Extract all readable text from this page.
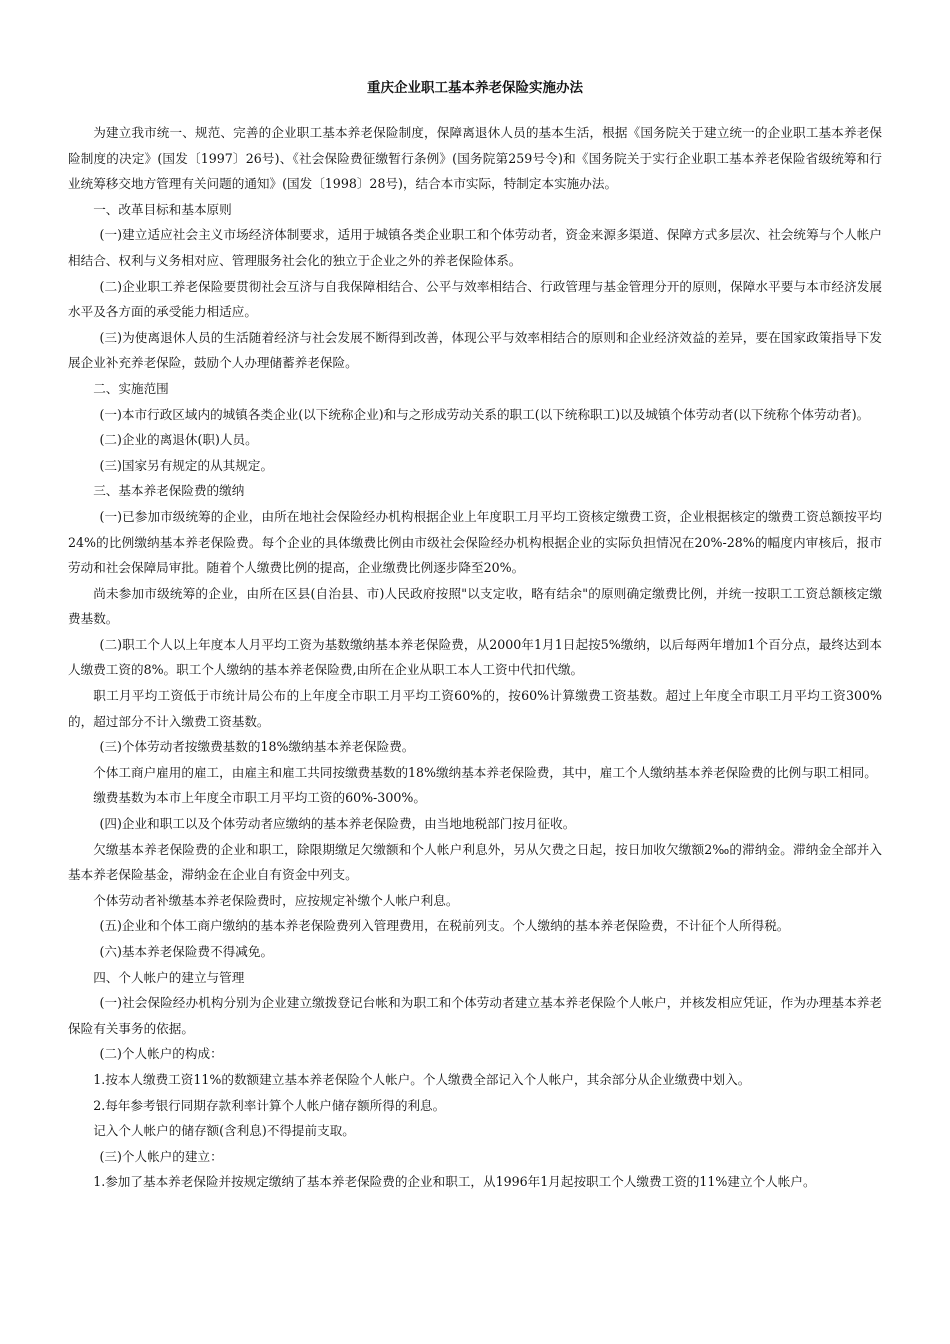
重庆企业职工基本养老保险实施办法

为建立我市统一、规范、完善的企业职工基本养老保险制度，保障离退休人员的基本生活，根据《国务院关于建立统一的企业职工基本养老保险制度的决定》(国发〔1997〕26号)、《社会保险费征缴暂行条例》(国务院第259号令)和《国务院关于实行企业职工基本养老保险省级统筹和行业统筹移交地方管理有关问题的通知》(国发〔1998〕28号)，结合本市实际，特制定本实施办法。

一、改革目标和基本原则

(一)建立适应社会主义市场经济体制要求，适用于城镇各类企业职工和个体劳动者，资金来源多渠道、保障方式多层次、社会统筹与个人帐户相结合、权利与义务相对应、管理服务社会化的独立于企业之外的养老保险体系。

(二)企业职工养老保险要贯彻社会互济与自我保障相结合、公平与效率相结合、行政管理与基金管理分开的原则，保障水平要与本市经济发展水平及各方面的承受能力相适应。

(三)为使离退休人员的生活随着经济与社会发展不断得到改善，体现公平与效率相结合的原则和企业经济效益的差异，要在国家政策指导下发展企业补充养老保险，鼓励个人办理储蓄养老保险。

二、实施范围

(一)本市行政区域内的城镇各类企业(以下统称企业)和与之形成劳动关系的职工(以下统称职工)以及城镇个体劳动者(以下统称个体劳动者)。

(二)企业的离退休(职)人员。

(三)国家另有规定的从其规定。

三、基本养老保险费的缴纳

(一)已参加市级统筹的企业，由所在地社会保险经办机构根据企业上年度职工月平均工资核定缴费工资，企业根据核定的缴费工资总额按平均24%的比例缴纳基本养老保险费。每个企业的具体缴费比例由市级社会保险经办机构根据企业的实际负担情况在20%-28%的幅度内审核后，报市劳动和社会保障局审批。随着个人缴费比例的提高，企业缴费比例逐步降至20%。

尚未参加市级统筹的企业，由所在区县(自治县、市)人民政府按照"以支定收，略有结余"的原则确定缴费比例，并统一按职工工资总额核定缴费基数。

(二)职工个人以上年度本人月平均工资为基数缴纳基本养老保险费，从2000年1月1日起按5%缴纳，以后每两年增加1个百分点，最终达到本人缴费工资的8%。职工个人缴纳的基本养老保险费,由所在企业从职工本人工资中代扣代缴。

职工月平均工资低于市统计局公布的上年度全市职工月平均工资60%的，按60%计算缴费工资基数。超过上年度全市职工月平均工资300%的，超过部分不计入缴费工资基数。

(三)个体劳动者按缴费基数的18%缴纳基本养老保险费。

个体工商户雇用的雇工，由雇主和雇工共同按缴费基数的18%缴纳基本养老保险费，其中，雇工个人缴纳基本养老保险费的比例与职工相同。

缴费基数为本市上年度全市职工月平均工资的60%-300%。

(四)企业和职工以及个体劳动者应缴纳的基本养老保险费，由当地地税部门按月征收。

欠缴基本养老保险费的企业和职工，除限期缴足欠缴额和个人帐户利息外，另从欠费之日起，按日加收欠缴额2‰的滞纳金。滞纳金全部并入基本养老保险基金，滞纳金在企业自有资金中列支。

个体劳动者补缴基本养老保险费时，应按规定补缴个人帐户利息。

(五)企业和个体工商户缴纳的基本养老保险费列入管理费用，在税前列支。个人缴纳的基本养老保险费，不计征个人所得税。

(六)基本养老保险费不得减免。

四、个人帐户的建立与管理

(一)社会保险经办机构分别为企业建立缴拨登记台帐和为职工和个体劳动者建立基本养老保险个人帐户，并核发相应凭证，作为办理基本养老保险有关事务的依据。

(二)个人帐户的构成：

1.按本人缴费工资11%的数额建立基本养老保险个人帐户。个人缴费全部记入个人帐户，其余部分从企业缴费中划入。

2.每年参考银行同期存款利率计算个人帐户储存额所得的利息。

记入个人帐户的储存额(含利息)不得提前支取。

(三)个人帐户的建立：

1.参加了基本养老保险并按规定缴纳了基本养老保险费的企业和职工，从1996年1月起按职工个人缴费工资的11%建立个人帐户。
